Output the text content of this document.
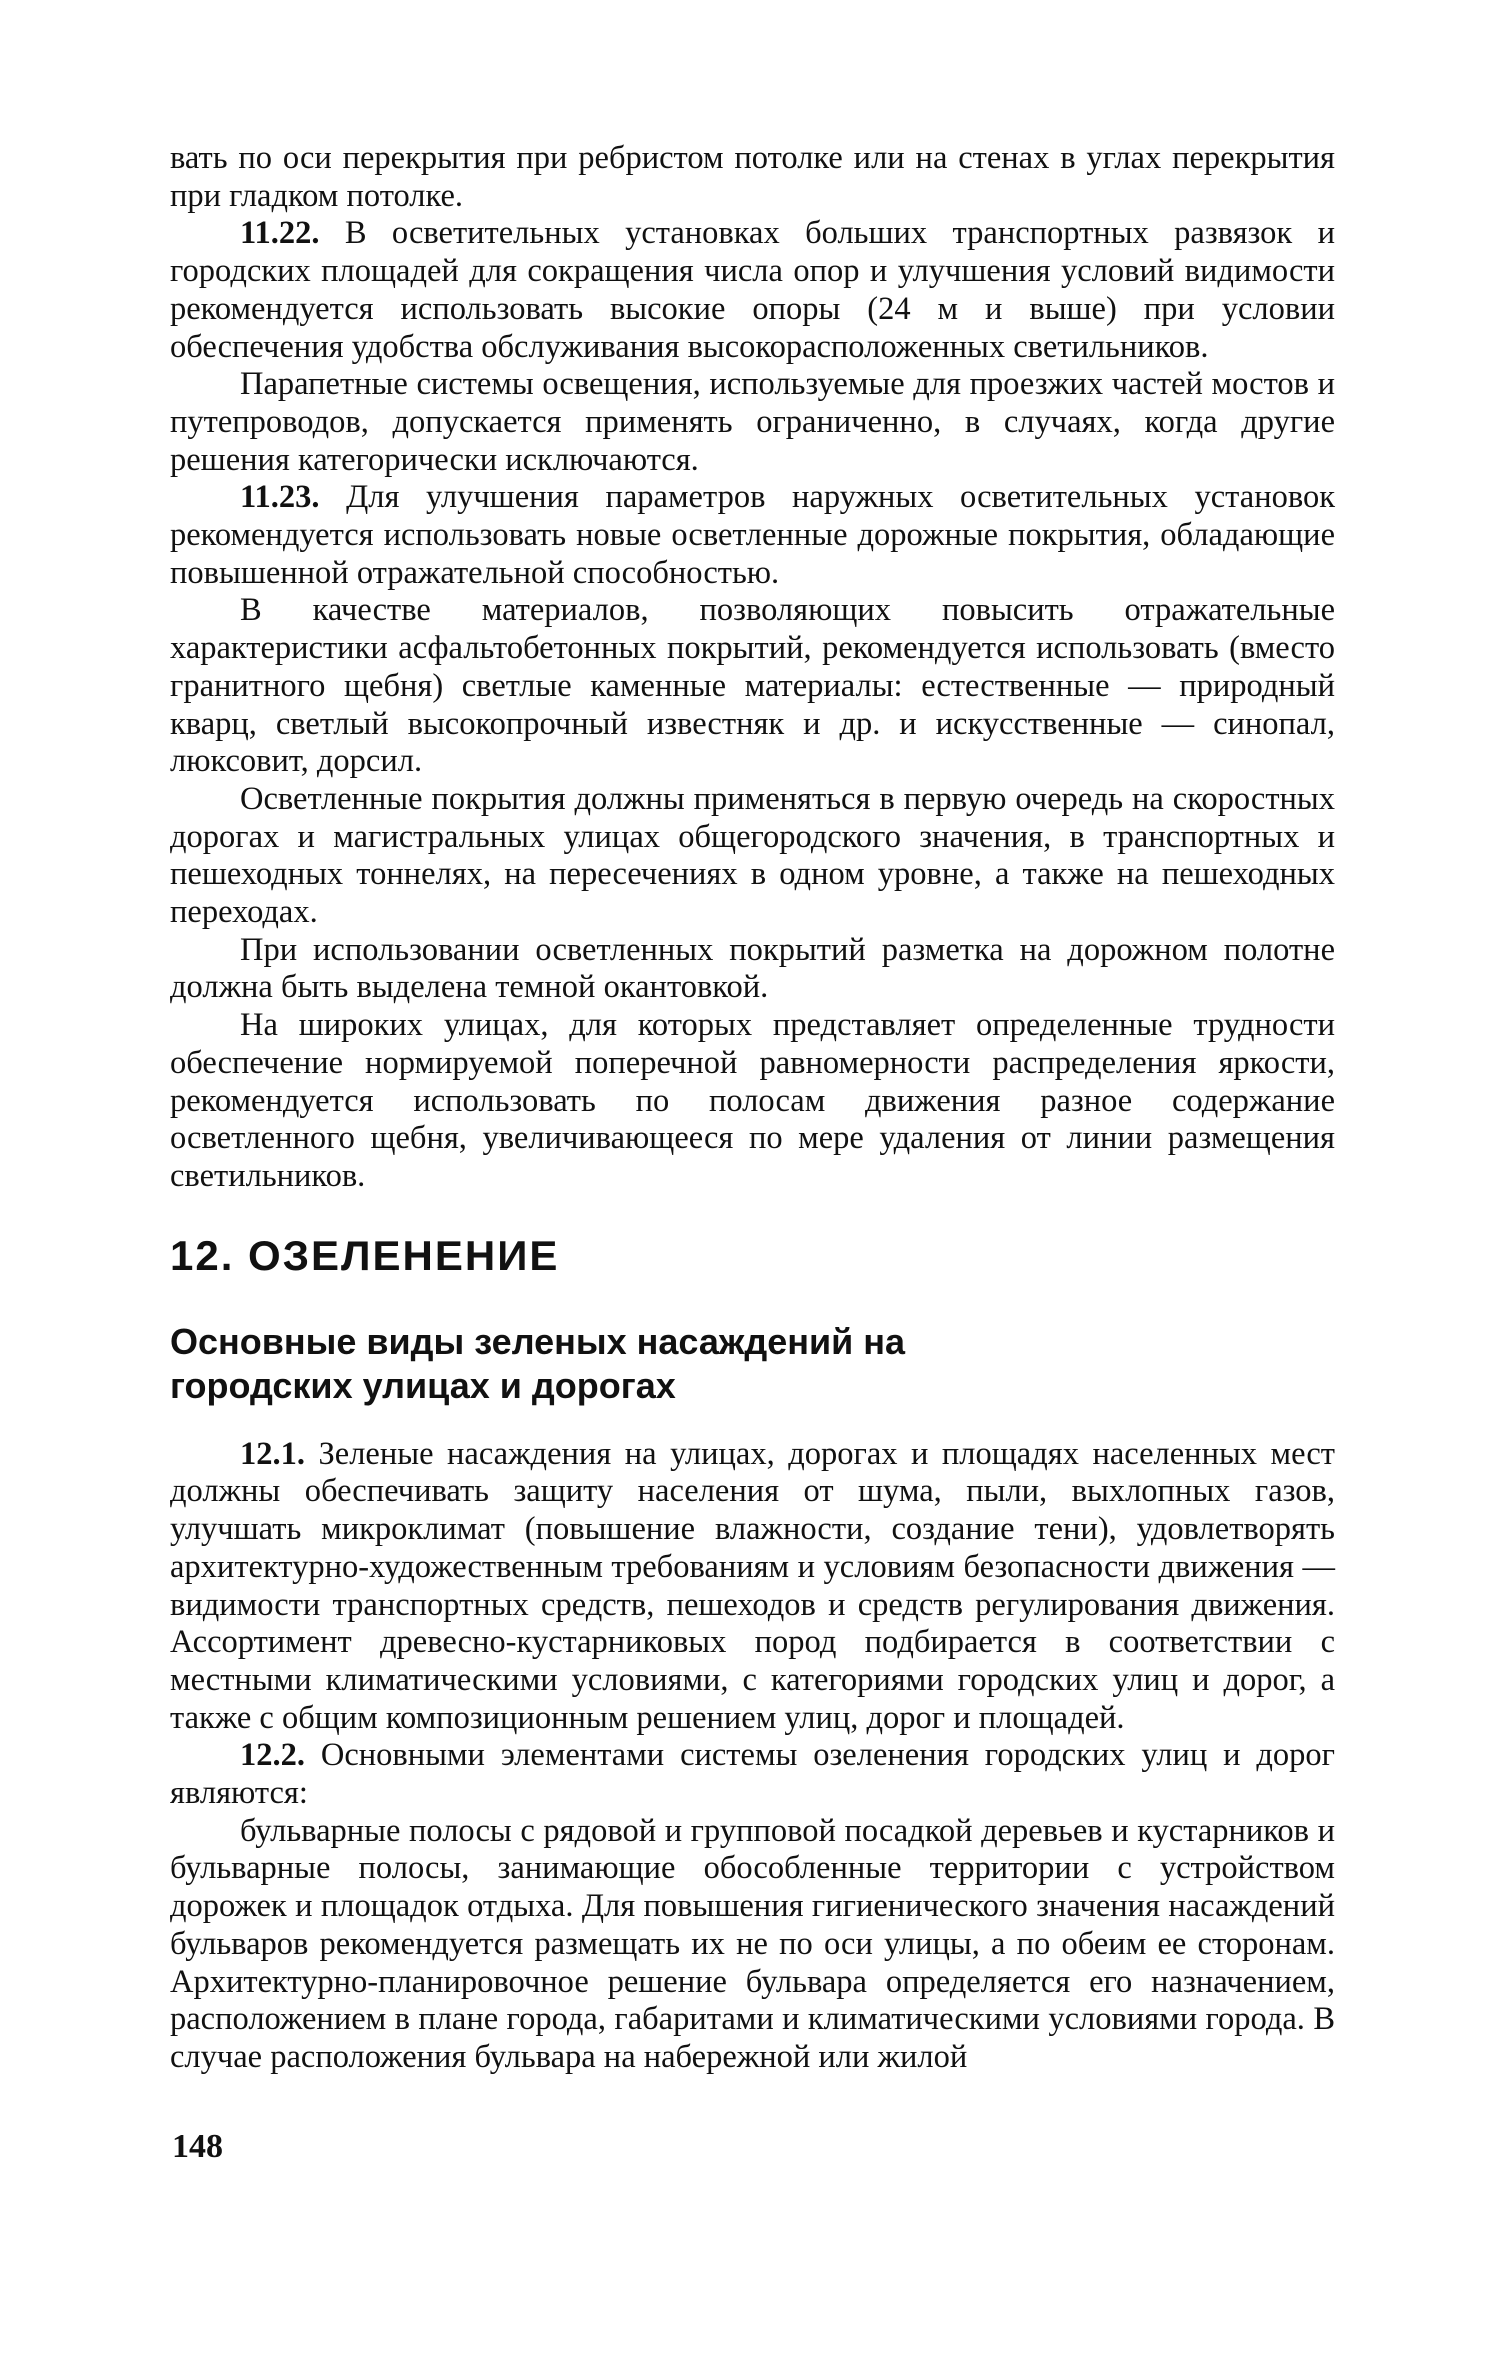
вать по оси перекрытия при ребристом потолке или на стенах в углах перекрытия при гладком потолке.

11.22. В осветительных установках больших транспортных развязок и городских площадей для сокращения числа опор и улучшения условий видимости рекомендуется использовать высокие опоры (24 м и выше) при условии обеспечения удобства обслуживания высокорасположенных светильников.

Парапетные системы освещения, используемые для проезжих частей мостов и путепроводов, допускается применять ограниченно, в случаях, когда другие решения категорически исключаются.

11.23. Для улучшения параметров наружных осветительных установок рекомендуется использовать новые осветленные дорожные покрытия, обладающие повышенной отражательной способностью.

В качестве материалов, позволяющих повысить отражательные характеристики асфальтобетонных покрытий, рекомендуется использовать (вместо гранитного щебня) светлые каменные материалы: естественные — природный кварц, светлый высокопрочный известняк и др. и искусственные — синопал, люксовит, дорсил.

Осветленные покрытия должны применяться в первую очередь на скоростных дорогах и магистральных улицах общегородского значения, в транспортных и пешеходных тоннелях, на пересечениях в одном уровне, а также на пешеходных переходах.

При использовании осветленных покрытий разметка на дорожном полотне должна быть выделена темной окантовкой.

На широких улицах, для которых представляет определенные трудности обеспечение нормируемой поперечной равномерности распределения яркости, рекомендуется использовать по полосам движения разное содержание осветленного щебня, увеличивающееся по мере удаления от линии размещения светильников.

12. ОЗЕЛЕНЕНИЕ
Основные виды зеленых насаждений на городских улицах и дорогах

12.1. Зеленые насаждения на улицах, дорогах и площадях населенных мест должны обеспечивать защиту населения от шума, пыли, выхлопных газов, улучшать микроклимат (повышение влажности, создание тени), удовлетворять архитектурно-художественным требованиям и условиям безопасности движения — видимости транспортных средств, пешеходов и средств регулирования движения. Ассортимент древесно-кустарниковых пород подбирается в соответствии с местными климатическими условиями, с категориями городских улиц и дорог, а также с общим композиционным решением улиц, дорог и площадей.

12.2. Основными элементами системы озеленения городских улиц и дорог являются:

бульварные полосы с рядовой и групповой посадкой деревьев и кустарников и бульварные полосы, занимающие обособленные территории с устройством дорожек и площадок отдыха. Для повышения гигиенического значения насаждений бульваров рекомендуется размещать их не по оси улицы, а по обеим ее сторонам. Архитектурно-планировочное решение бульвара определяется его назначением, расположением в плане города, габаритами и климатическими условиями города. В случае расположения бульвара на набережной или жилой

148
